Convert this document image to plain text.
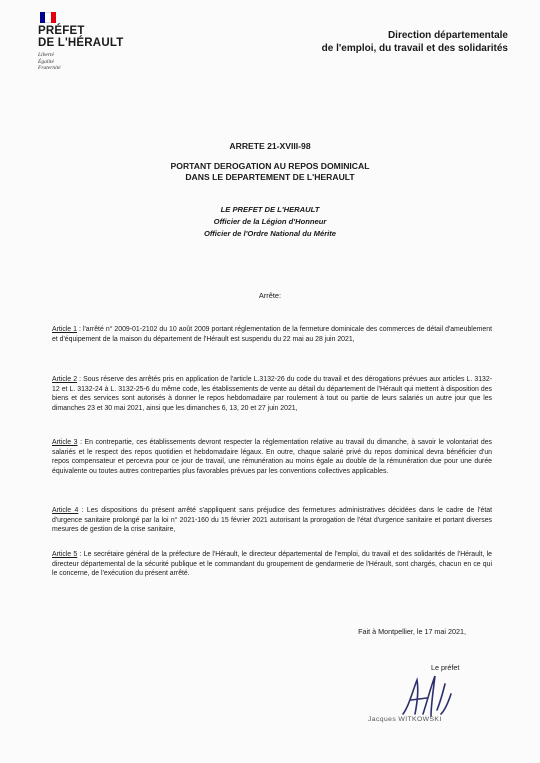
PRÉFET
DE L'HÉRAULT
Liberté
Égalité
Fraternité
Direction départementale
de l'emploi, du travail et des solidarités
ARRETE 21-XVIII-98
PORTANT DEROGATION AU REPOS DOMINICAL
DANS LE DEPARTEMENT DE L'HERAULT
LE PREFET DE L'HERAULT
Officier de la Légion d'Honneur
Officier de l'Ordre National du Mérite
Arrête:
Article 1 : l'arrêté n° 2009-01-2102 du 10 août 2009 portant réglementation de la fermeture dominicale des commerces de détail d'ameublement et d'équipement de la maison du département de l'Hérault est suspendu du 22 mai au 28 juin 2021,
Article 2 : Sous réserve des arrêtés pris en application de l'article L.3132-26 du code du travail et des dérogations prévues aux articles L. 3132-12 et L. 3132-24 à L. 3132-25-6 du même code, les établissements de vente au détail du département de l'Hérault qui mettent à disposition des biens et des services sont autorisés à donner le repos hebdomadaire par roulement à tout ou partie de leurs salariés un autre jour que les dimanches 23 et 30 mai 2021, ainsi que les dimanches 6, 13, 20 et 27 juin 2021,
Article 3 : En contrepartie, ces établissements devront respecter la réglementation relative au travail du dimanche, à savoir le volontariat des salariés et le respect des repos quotidien et hebdomadaire légaux. En outre, chaque salarié privé du repos dominical devra bénéficier d'un repos compensateur et percevra pour ce jour de travail, une rémunération au moins égale au double de la rémunération due pour une durée équivalente ou toutes autres contreparties plus favorables prévues par les conventions collectives applicables.
Article 4 : Les dispositions du présent arrêté s'appliquent sans préjudice des fermetures administratives décidées dans le cadre de l'état d'urgence sanitaire prolongé par la loi n° 2021-160 du 15 février 2021 autorisant la prorogation de l'état d'urgence sanitaire et portant diverses mesures de gestion de la crise sanitaire,
Article 5 : Le secrétaire général de la préfecture de l'Hérault, le directeur départemental de l'emploi, du travail et des solidarités de l'Hérault, le directeur départemental de la sécurité publique et le commandant du groupement de gendarmerie de l'Hérault, sont chargés, chacun en ce qui le concerne, de l'exécution du présent arrêté.
Fait à Montpellier, le 17 mai 2021,
Le préfet
Jacques WITKOWSKI
